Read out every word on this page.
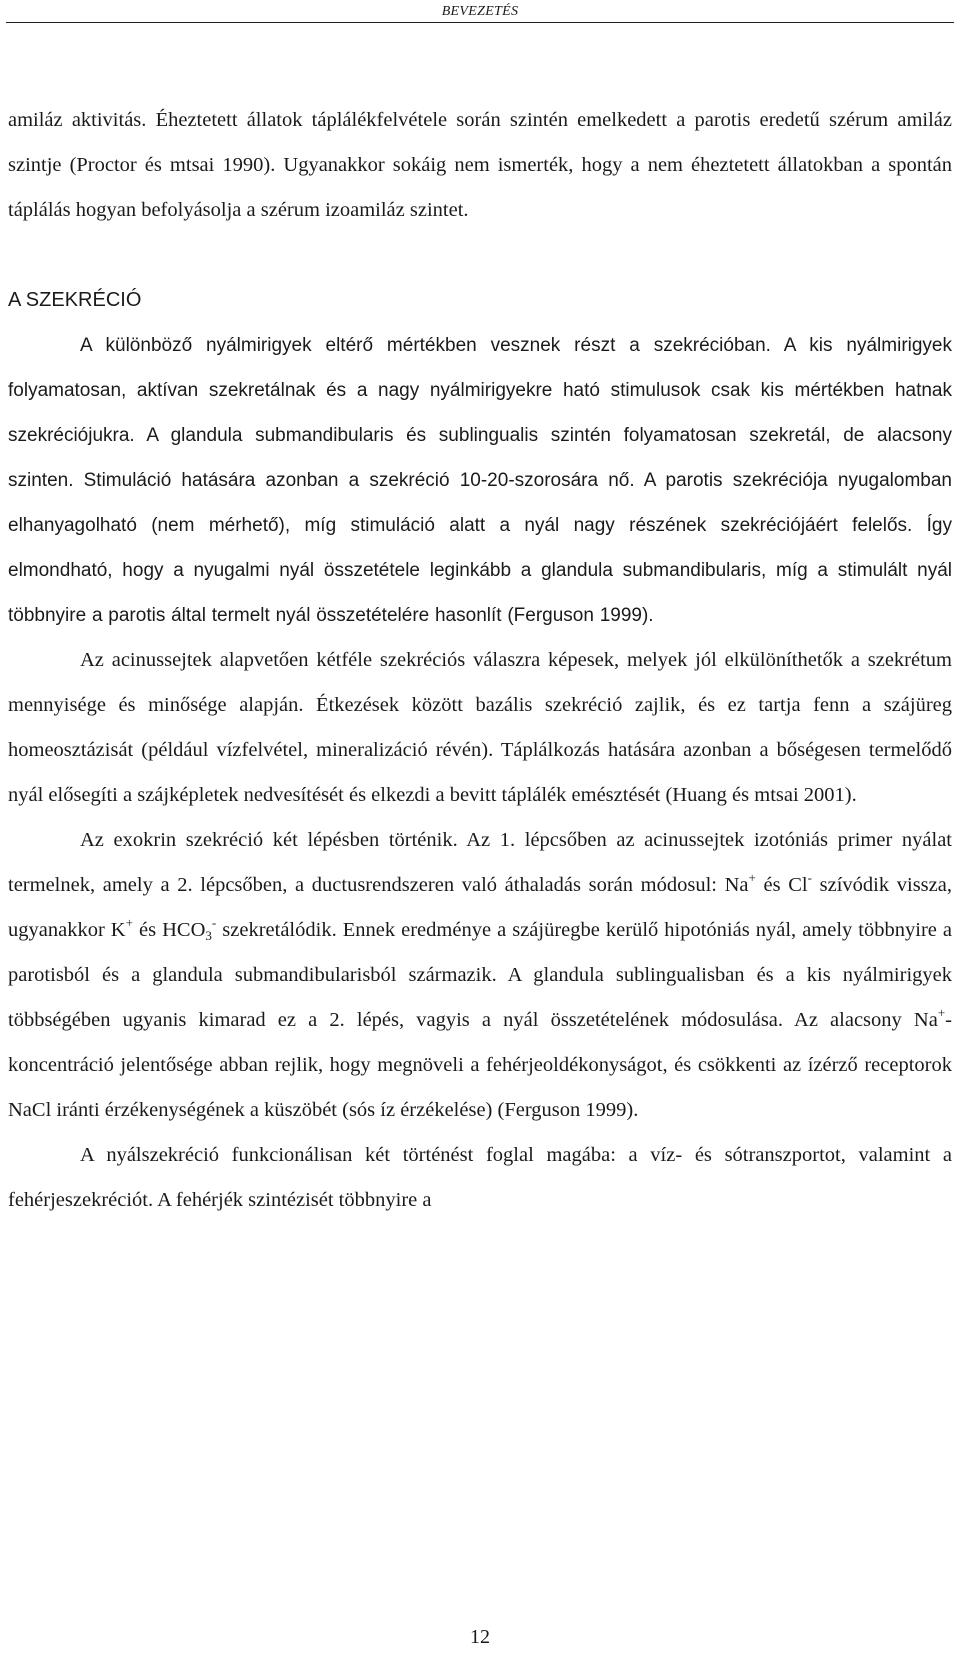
BEVEZETÉS

amiláz aktivitás. Éheztetett állatok táplálékfelvétele során szintén emelkedett a parotis eredetű szérum amiláz szintje (Proctor és mtsai 1990). Ugyanakkor sokáig nem ismerték, hogy a nem éheztetett állatokban a spontán táplálás hogyan befolyásolja a szérum izoamiláz szintet.

A SZEKRÉCIÓ

A különböző nyálmirigyek eltérő mértékben vesznek részt a szekrécióban. A kis nyálmirigyek folyamatosan, aktívan szekretálnak és a nagy nyálmirigyekre ható stimulusok csak kis mértékben hatnak szekréciójukra. A glandula submandibularis és sublingualis szintén folyamatosan szekretál, de alacsony szinten. Stimuláció hatására azonban a szekréció 10-20-szorosára nő. A parotis szekréciója nyugalomban elhanyagolható (nem mérhető), míg stimuláció alatt a nyál nagy részének szekréciójáért felelős. Így elmondható, hogy a nyugalmi nyál összetétele leginkább a glandula submandibularis, míg a stimulált nyál többnyire a parotis által termelt nyál összetételére hasonlít (Ferguson 1999).

Az acinussejtek alapvetően kétféle szekréciós válaszra képesek, melyek jól elkülöníthetők a szekrétum mennyisége és minősége alapján. Étkezések között bazális szekréció zajlik, és ez tartja fenn a szájüreg homeosztázisát (például vízfelvétel, mineralizáció révén). Táplálkozás hatására azonban a bőségesen termelődő nyál elősegíti a szájképletek nedvesítését és elkezdi a bevitt táplálék emésztését (Huang és mtsai 2001).

Az exokrin szekréció két lépésben történik. Az 1. lépcsőben az acinussejtek izotóniás primer nyálat termelnek, amely a 2. lépcsőben, a ductusrendszeren való áthaladás során módosul: Na+ és Cl- szívódik vissza, ugyanakkor K+ és $HCO_3^-$ szekretálódik. Ennek eredménye a szájüregbe kerülő hipotóniás nyál, amely többnyire a parotisból és a glandula submandibularisból származik. A glandula sublingualisban és a kis nyálmirigyek többségében ugyanis kimarad ez a 2. lépés, vagyis a nyál összetételének módosulása. Az alacsony Na+-koncentráció jelentősége abban rejlik, hogy megnöveli a fehérjeoldékonyságot, és csökkenti az ízérző receptorok NaCl iránti érzékenységének a küszöbét (sós íz érzékelése) (Ferguson 1999).

A nyálszekréció funkcionálisan két történést foglal magába: a víz- és sótranszportot, valamint a fehérjeszekréciót. A fehérjék szintézisét többnyire a

12
